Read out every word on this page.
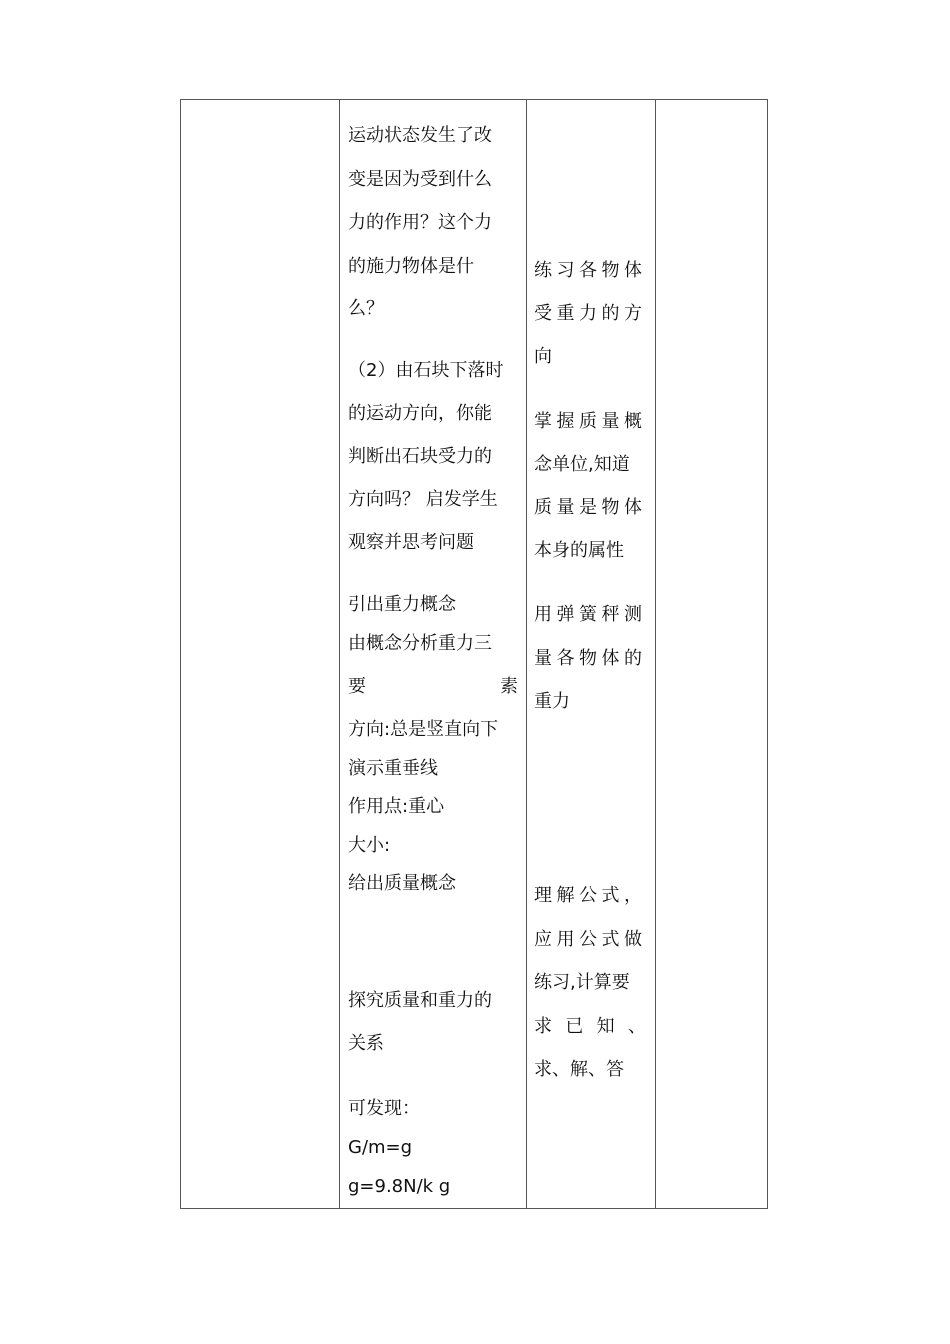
运动状态发生了改
变是因为受到什么
力的作用？这个力
的施力物体是什
么？
（2）由石块下落时
的运动方向，你能
判断出石块受力的
方向吗？ 启发学生
观察并思考问题
引出重力概念
由概念分析重力三
要	素
方向:总是竖直向下
演示重垂线
作用点:重心
大小:
给出质量概念
探究质量和重力的
关系
可发现：
G/m=g
g=9.8N/k g
练习各物体
受重力的方
向
掌握质量概
念单位,知道
质量是物体
本身的属性
用弹簧秤测
量各物体的
重力
理解公式，
应用公式做
练习,计算要
求 已 知 、
求、解、答
